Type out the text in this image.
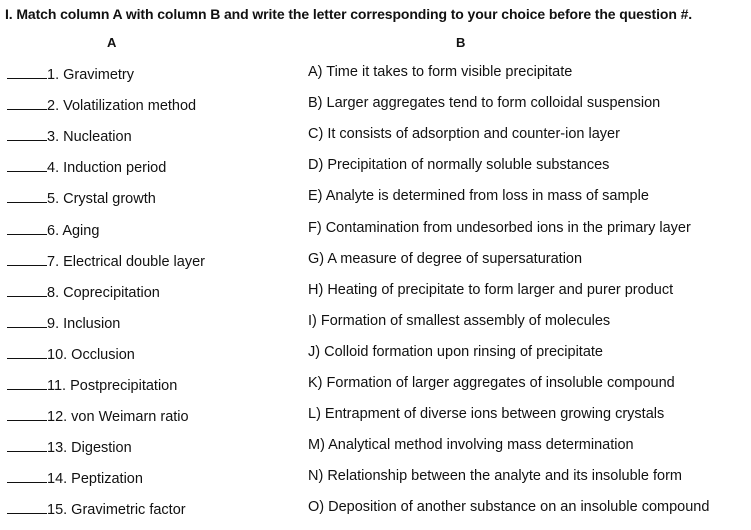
I. Match column A with column B and write the letter corresponding to your choice before the question #.
A	B
1. Gravimetry	A) Time it takes to form visible precipitate
2. Volatilization method	B) Larger aggregates tend to form colloidal suspension
3. Nucleation	C) It consists of adsorption and counter-ion layer
4. Induction period	D) Precipitation of normally soluble substances
5. Crystal growth	E) Analyte is determined from loss in mass of sample
6. Aging	F) Contamination from undesorbed ions in the primary layer
7. Electrical double layer	G) A measure of degree of supersaturation
8. Coprecipitation	H) Heating of precipitate to form larger and purer product
9. Inclusion	I) Formation of smallest assembly of molecules
10. Occlusion	J) Colloid formation upon rinsing of precipitate
11. Postprecipitation	K) Formation of larger aggregates of insoluble compound
12. von Weimarn ratio	L) Entrapment of diverse ions between growing crystals
13. Digestion	M) Analytical method involving mass determination
14. Peptization	N) Relationship between the analyte and its insoluble form
15. Gravimetric factor	O) Deposition of another substance on an insoluble compound
